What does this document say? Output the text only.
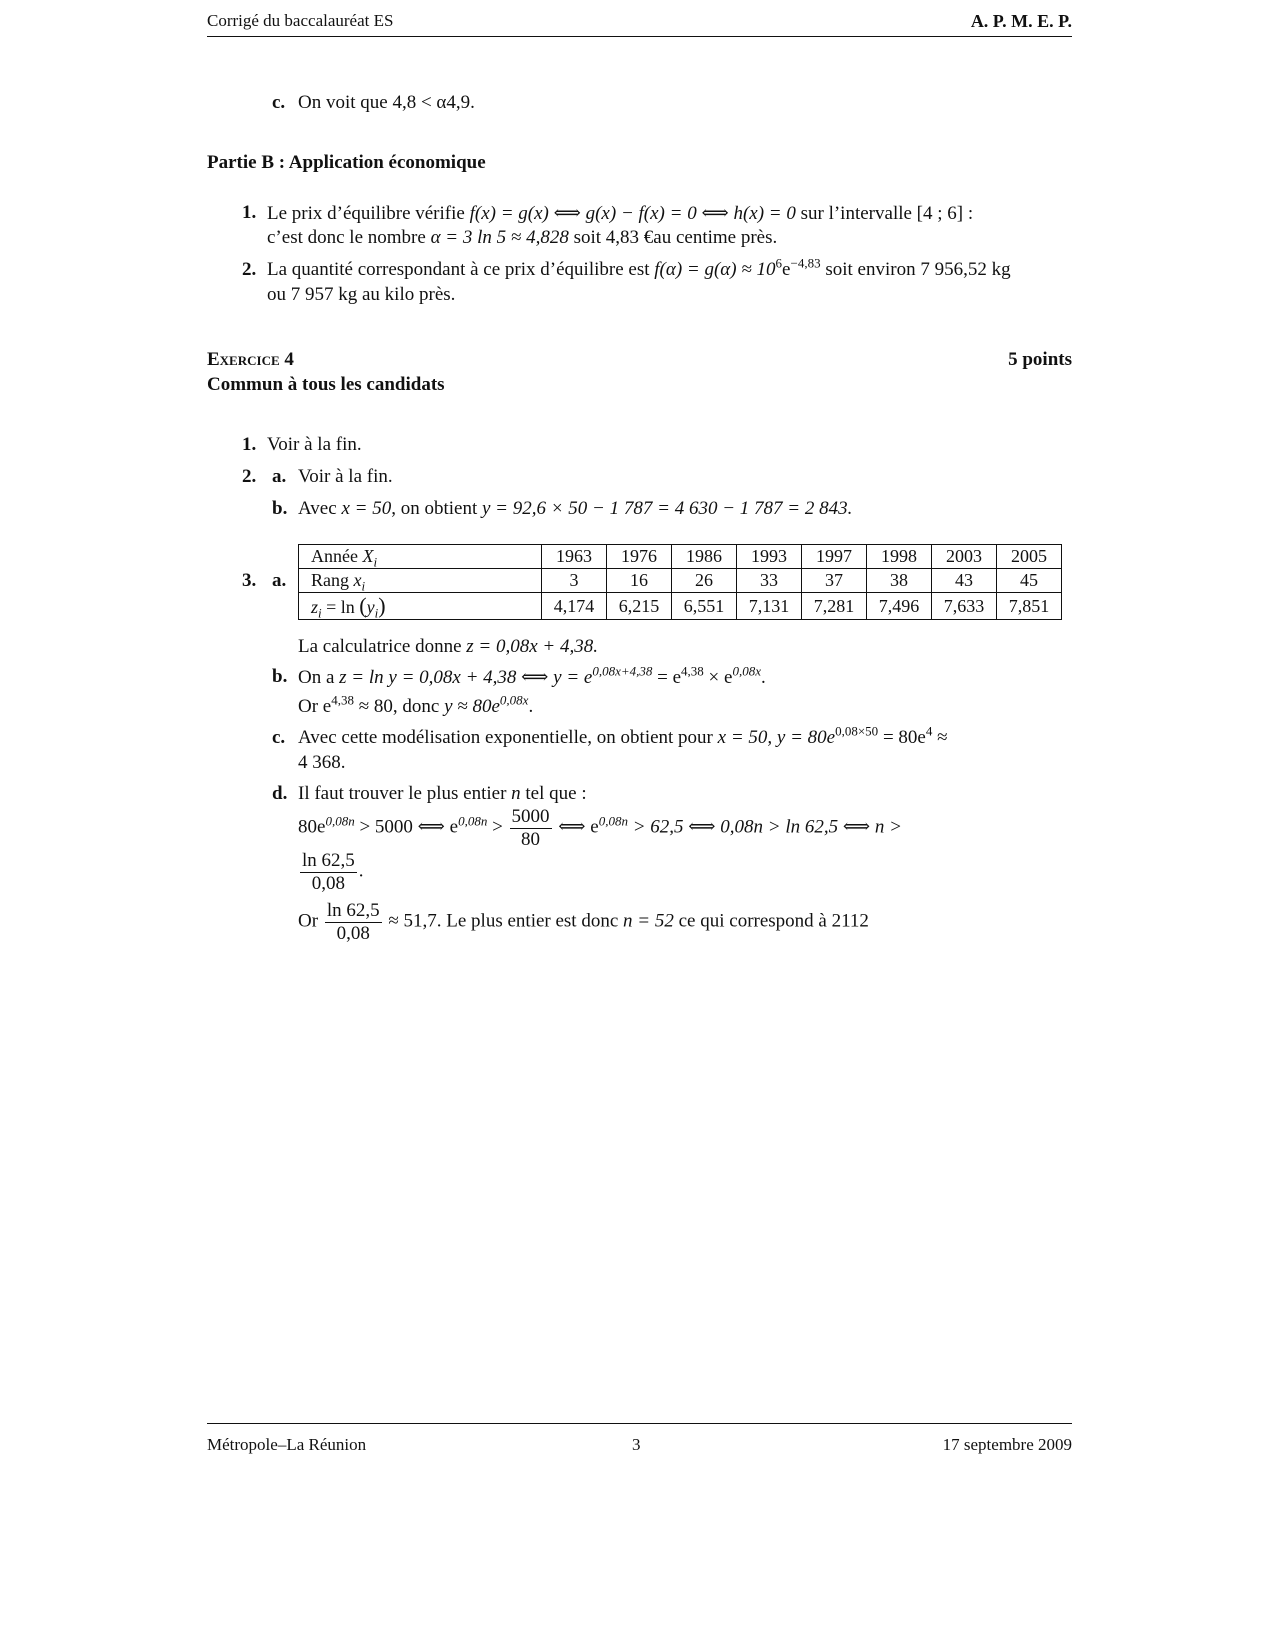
Corrigé du baccalauréat ES	A. P. M. E. P.
c. On voit que 4,8 < α4,9.
Partie B : Application économique
1. Le prix d’équilibre vérifie f(x) = g(x) ⟺ g(x) − f(x) = 0 ⟺ h(x) = 0 sur l’intervalle [4 ; 6] :
c’est donc le nombre α = 3 ln 5 ≈ 4,828 soit 4,83 €au centime près.
2. La quantité correspondant à ce prix d’équilibre est $f(\alpha) = g(\alpha) \approx 10^6e^{-4,83}$ soit environ 7 956,52 kg
ou 7 957 kg au kilo près.
Exercice 4	5 points
Commun à tous les candidats
1. Voir à la fin.
2. a. Voir à la fin.
b. Avec x = 50, on obtient y = 92,6 × 50 − 1 787 = 4 630 − 1 787 = 2 843.
3. a.
Année $X_i$	1963	1976	1986	1993	1997	1998	2003	2005
Rang $x_i$	3	16	26	33	37	38	43	45
$z_i = \ln (y_i)$	4,174	6,215	6,551	7,131	7,281	7,496	7,633	7,851
La calculatrice donne z = 0,08x + 4,38.
b. On a z = ln y = 0,08x + 4,38 ⟺ $y = e^{0,08x+4,38} = e^{4,38} \times e^{0,08x}$.
Or $e^{4,38} \approx 80$, donc $y \approx 80e^{0,08x}$.
c. Avec cette modélisation exponentielle, on obtient pour x = 50, $y = 80e^{0,08\times 50} = 80e^4$ ≈
4 368.
d. Il faut trouver le plus entier n tel que :
$80e^{0,08n} > 5000$ ⟺ $e^{0,08n} > \frac{5000}{80}$ ⟺ $e^{0,08n} > 62,5$ ⟺ 0,08n > ln 62,5 ⟺ n >
$\frac{\ln 62,5}{0,08}$ .
Or $\frac{\ln 62,5}{0,08} \approx 51,7$. Le plus entier est donc n = 52 ce qui correspond à 2112
Métropole–La Réunion	3	17 septembre 2009
